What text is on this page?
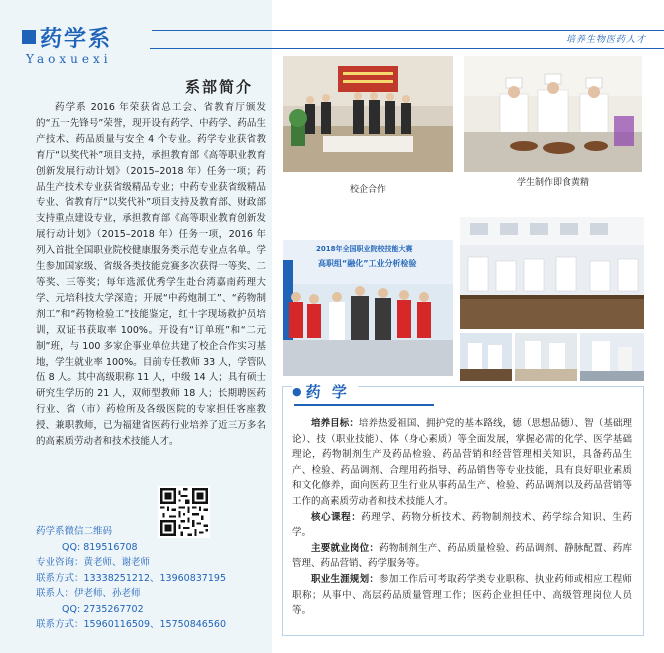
药学系
Yaoxuexi
培养生物医药人才
系部简介
药学系 2016 年荣获省总工会、省教育厅颁发的“五一先锋号”荣誉，现开设有药学、中药学、药品生产技术、药品质量与安全 4 个专业。药学专业获省教育厅“以奖代补”项目支持，承担教育部《高等职业教育创新发展行动计划》（2015–2018 年）任务一项；药品生产技术专业获省级精品专业；中药专业获省级精品专业、省教育厅“以奖代补”项目支持及教育部、财政部支持重点建设专业，承担教育部《高等职业教育创新发展行动计划》（2015–2018 年）任务一项，2016 年列入首批全国职业院校健康服务类示范专业点名单。学生参加国家级、省级各类技能竞赛多次获得一等奖、二等奖、三等奖；每年选派优秀学生赴台湾嘉南药理大学、元培科技大学深造；开展“中药炮制工”、“药物制剂工”和“药物检验工”技能鉴定，红十字现场救护员培训，双证书获取率 100%。开设有“订单班”和“二元制”班，与 100 多家企事业单位共建了校企合作实习基地，学生就业率 100%。目前专任教师 33 人，学管队伍 8 人。其中高级职称 11 人，中级 14 人；具有硕士研究生学历的 21 人，双师型教师 18 人；长期聘医药行业、省（市）药检所及各级医院的专家担任客座教授、兼职教师，已为福建省医药行业培养了近三万多名的高素质劳动者和技术技能人才。
药学系微信二维码
QQ: 819516708
专业咨询：黄老师、谢老师
联系方式：13338251212、13960837195
联系人：伊老师、孙老师
QQ: 2735267702
联系方式：15960116509、15750846560
校企合作
学生制作即食黄精
2018年全国职业院校技能大赛
高职组“融化”工业分析检验
● 药 学

培养目标：培养热爱祖国、拥护党的基本路线，德（思想品德）、智（基础理论）、技（职业技能）、体（身心素质）等全面发展，掌握必需的化学、医学基础理论，药物制剂生产及药品检验、药品营销和经营管理相关知识，具备药品生产、检验、药品调剂、合理用药指导、药品销售等专业技能，具有良好职业素质和文化修养，面向医药卫生行业从事药品生产、检验、药品调剂以及药品营销等工作的高素质劳动者和技术技能人才。

核心课程：药理学、药物分析技术、药物制剂技术、药学综合知识、生药学。

主要就业岗位：药物制剂生产、药品质量检验、药品调剂、静脉配置、药库管理、药品营销、药学服务等。

职业生涯规划：参加工作后可考取药学类专业职称、执业药师或相应工程师职称；从事中、高层药品质量管理工作；医药企业担任中、高级管理岗位人员等。
